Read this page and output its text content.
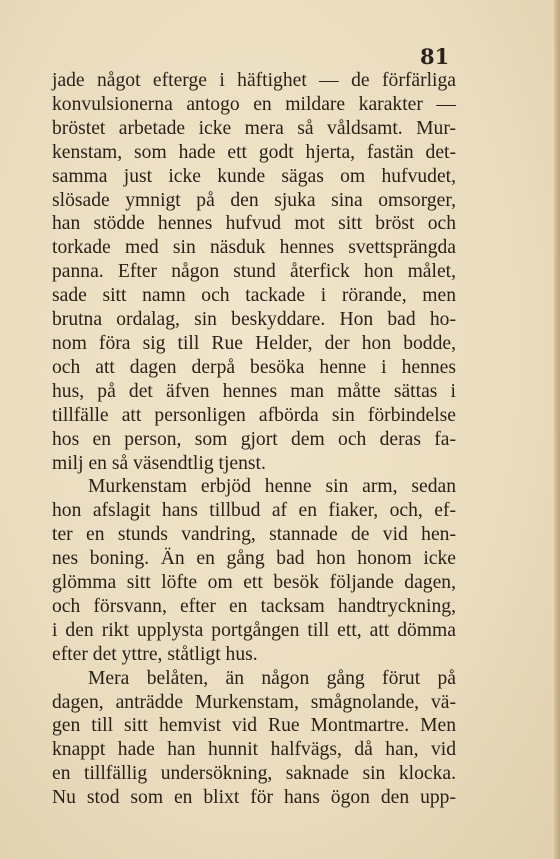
81
jade något efterge i häftighet — de förfärliga
konvulsionerna antogo en mildare karakter —
bröstet arbetade icke mera så våldsamt. Mur-
kenstam, som hade ett godt hjerta, fastän det-
samma just icke kunde sägas om hufvudet,
slösade ymnigt på den sjuka sina omsorger,
han stödde hennes hufvud mot sitt bröst och
torkade med sin näsduk hennes svettsprängda
panna. Efter någon stund återfick hon målet,
sade sitt namn och tackade i rörande, men
brutna ordalag, sin beskyddare. Hon bad ho-
nom föra sig till Rue Helder, der hon bodde,
och att dagen derpå besöka henne i hennes
hus, på det äfven hennes man måtte sättas i
tillfälle att personligen afbörda sin förbindelse
hos en person, som gjort dem och deras fa-
milj en så väsendtlig tjenst.
Murkenstam erbjöd henne sin arm, sedan
hon afslagit hans tillbud af en fiaker, och, ef-
ter en stunds vandring, stannade de vid hen-
nes boning. Än en gång bad hon honom icke
glömma sitt löfte om ett besök följande dagen,
och försvann, efter en tacksam handtryckning,
i den rikt upplysta portgången till ett, att dömma
efter det yttre, ståtligt hus.
Mera belåten, än någon gång förut på
dagen, anträdde Murkenstam, smågnolande, vä-
gen till sitt hemvist vid Rue Montmartre. Men
knappt hade han hunnit halfvägs, då han, vid
en tillfällig undersökning, saknade sin klocka.
Nu stod som en blixt för hans ögon den upp-
